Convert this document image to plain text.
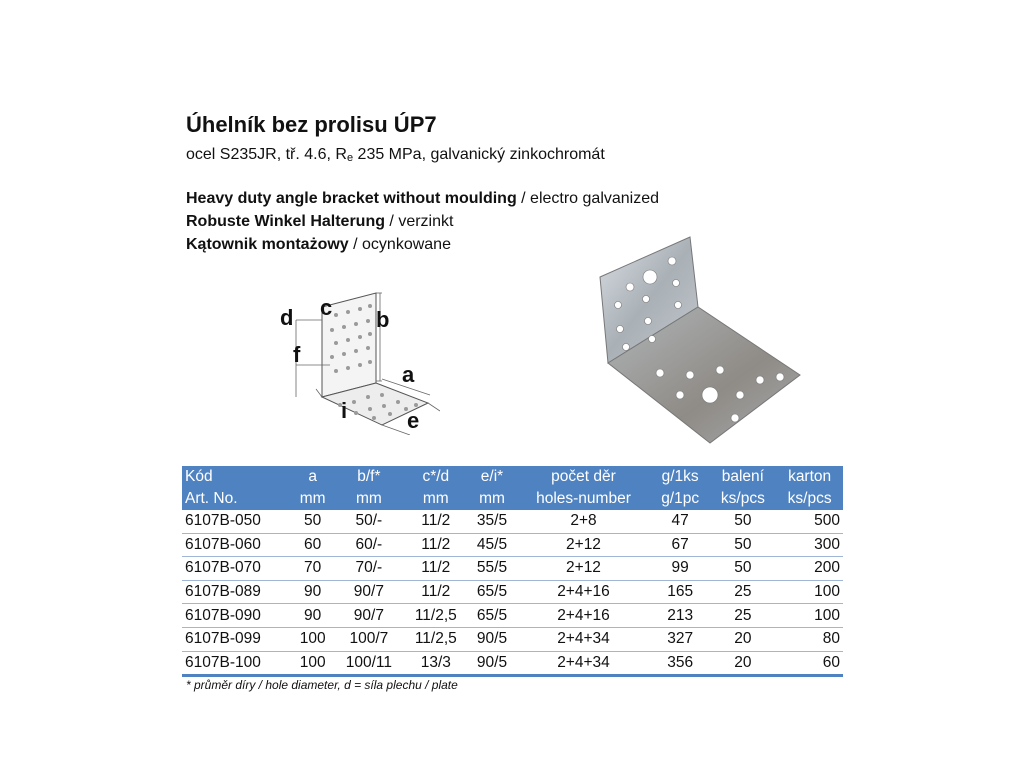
Úhelník bez prolisu ÚP7
ocel S235JR, tř. 4.6, $R_e$ 235 MPa, galvanický zinkochromát
Heavy duty angle bracket without moulding / electro galvanized
Robuste Winkel Halterung / verzinkt
Kątownik montażowy / ocynkowane
d c b
f
a
i	e
Kód	a	b/f*	c*/d	e/i*	počet děr	g/1ks	balení	karton
Art. No.	mm	mm	mm	mm	holes-number	g/1pc	ks/pcs	ks/pcs
6107B-050	50	50/-	11/2	35/5	2+8	47	50	500
6107B-060	60	60/-	11/2	45/5	2+12	67	50	300
6107B-070	70	70/-	11/2	55/5	2+12	99	50	200
6107B-089	90	90/7	11/2	65/5	2+4+16	165	25	100
6107B-090	90	90/7	11/2,5	65/5	2+4+16	213	25	100
6107B-099	100	100/7	11/2,5	90/5	2+4+34	327	20	80
6107B-100	100	100/11	13/3	90/5	2+4+34	356	20	60
* průměr díry / hole diameter, d = síla plechu / plate
